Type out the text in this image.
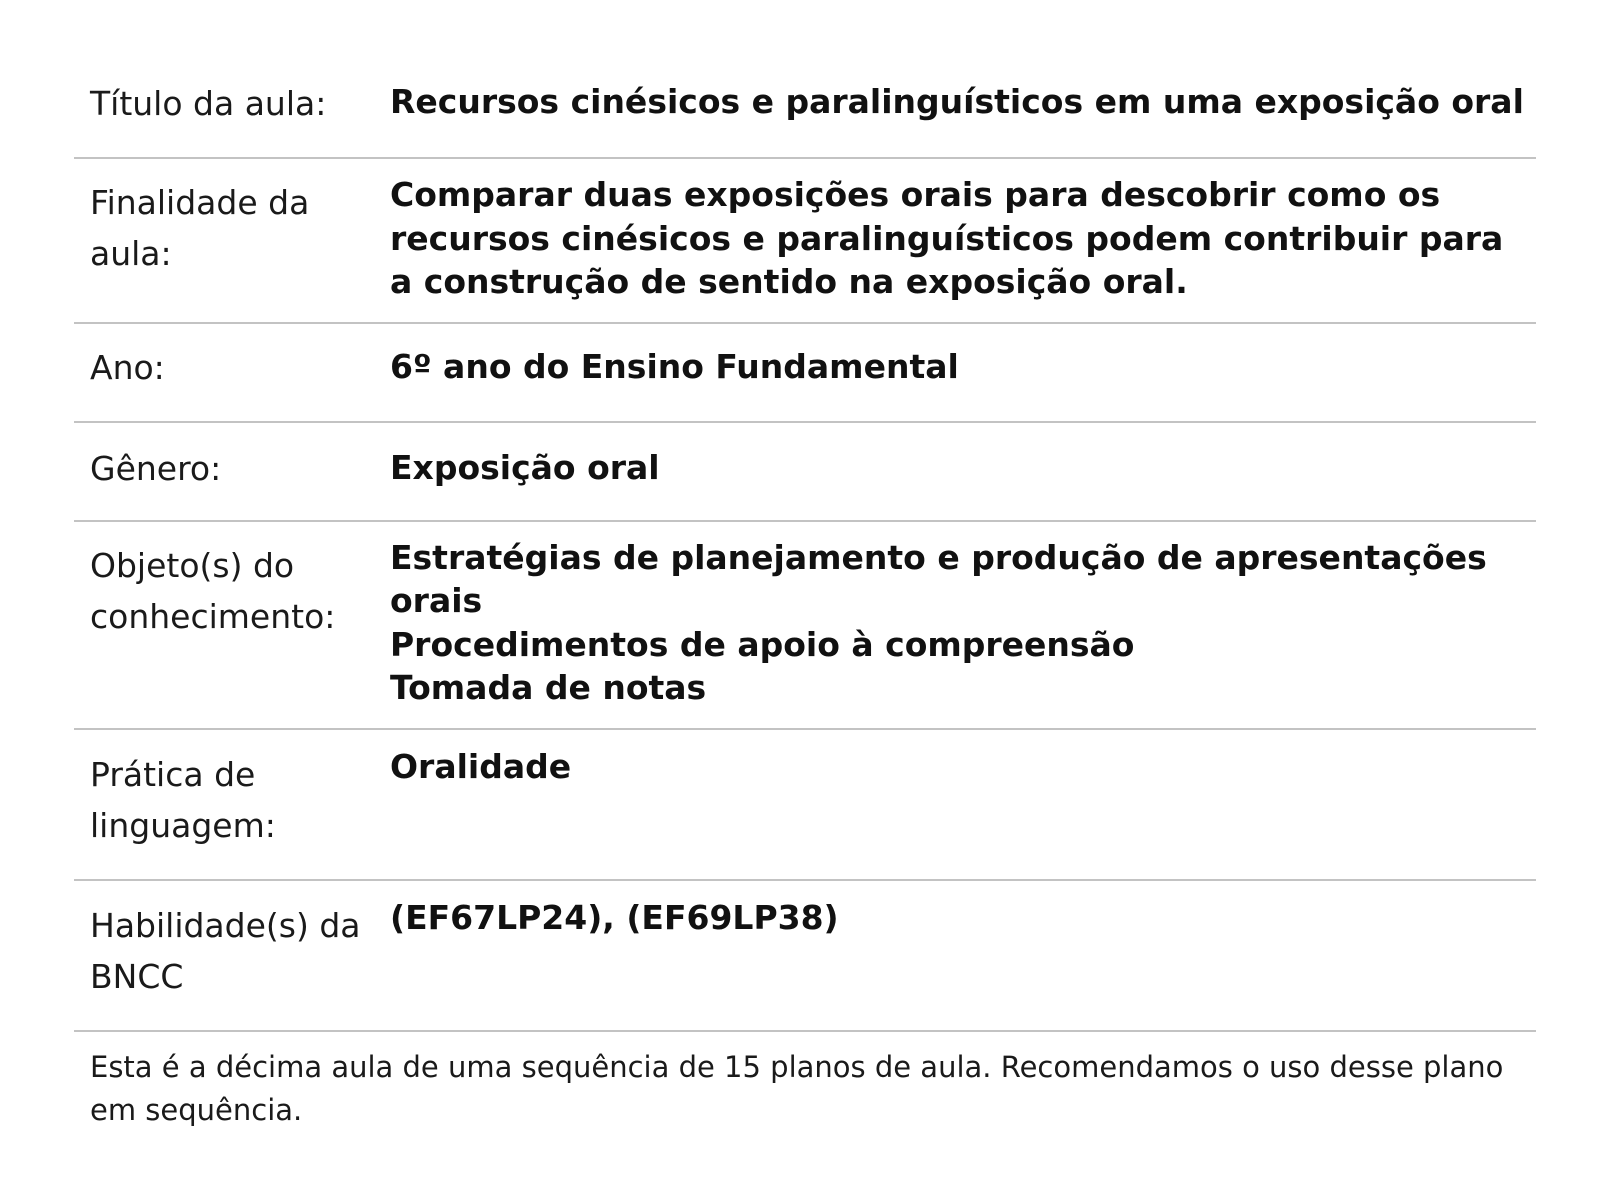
Título da aula:	Recursos cinésicos e paralinguísticos em uma exposição oral

Finalidade da aula:	Comparar duas exposições orais para descobrir como os recursos cinésicos e paralinguísticos podem contribuir para a construção de sentido na exposição oral.

Ano:	6º ano do Ensino Fundamental

Gênero:	Exposição oral

Objeto(s) do conhecimento:	Estratégias de planejamento e produção de apresentações orais
Procedimentos de apoio à compreensão
Tomada de notas

Prática de linguagem:	Oralidade

Habilidade(s) da BNCC	(EF67LP24), (EF69LP38)
Esta é a décima aula de uma sequência de 15 planos de aula. Recomendamos o uso desse plano em sequência.
